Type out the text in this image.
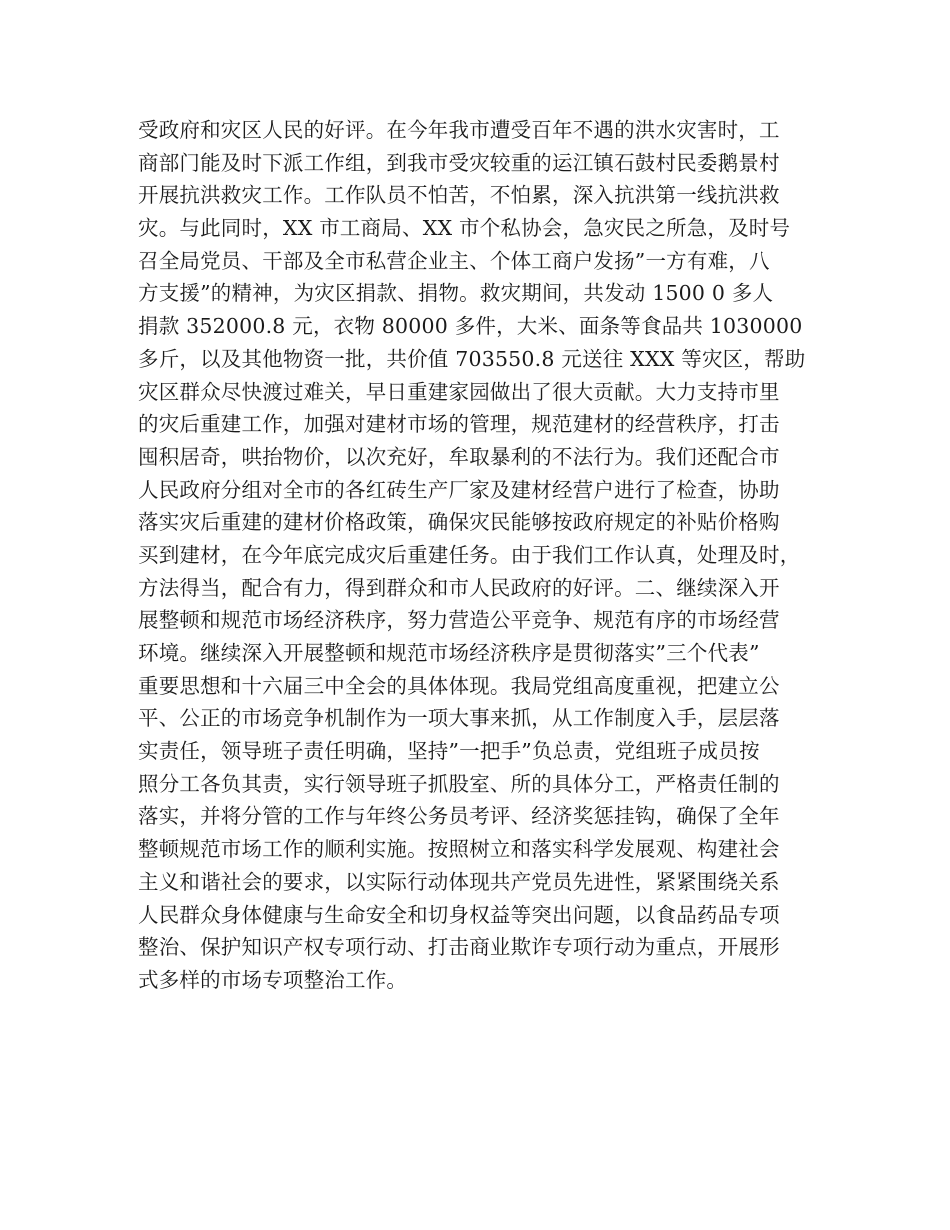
受政府和灾区人民的好评。在今年我市遭受百年不遇的洪水灾害时，工
商部门能及时下派工作组，到我市受灾较重的运江镇石鼓村民委鹅景村
开展抗洪救灾工作。工作队员不怕苦，不怕累，深入抗洪第一线抗洪救
灾。与此同时，XX 市工商局、XX 市个私协会，急灾民之所急，及时号
召全局党员、干部及全市私营企业主、个体工商户发扬”一方有难，八
方支援”的精神，为灾区捐款、捐物。救灾期间，共发动 1500 0 多人
捐款 352000.8 元，衣物 80000 多件，大米、面条等食品共 1030000
多斤，以及其他物资一批，共价值 703550.8 元送往 XXX 等灾区，帮助
灾区群众尽快渡过难关，早日重建家园做出了很大贡献。大力支持市里
的灾后重建工作，加强对建材市场的管理，规范建材的经营秩序，打击
囤积居奇，哄抬物价，以次充好，牟取暴利的不法行为。我们还配合市
人民政府分组对全市的各红砖生产厂家及建材经营户进行了检查，协助
落实灾后重建的建材价格政策，确保灾民能够按政府规定的补贴价格购
买到建材，在今年底完成灾后重建任务。由于我们工作认真，处理及时，
方法得当，配合有力，得到群众和市人民政府的好评。二、继续深入开
展整顿和规范市场经济秩序，努力营造公平竞争、规范有序的市场经营
环境。继续深入开展整顿和规范市场经济秩序是贯彻落实”三个代表”
重要思想和十六届三中全会的具体体现。我局党组高度重视，把建立公
平、公正的市场竞争机制作为一项大事来抓，从工作制度入手，层层落
实责任，领导班子责任明确，坚持”一把手”负总责，党组班子成员按
照分工各负其责，实行领导班子抓股室、所的具体分工，严格责任制的
落实，并将分管的工作与年终公务员考评、经济奖惩挂钩，确保了全年
整顿规范市场工作的顺利实施。按照树立和落实科学发展观、构建社会
主义和谐社会的要求，以实际行动体现共产党员先进性，紧紧围绕关系
人民群众身体健康与生命安全和切身权益等突出问题，以食品药品专项
整治、保护知识产权专项行动、打击商业欺诈专项行动为重点，开展形
式多样的市场专项整治工作。
